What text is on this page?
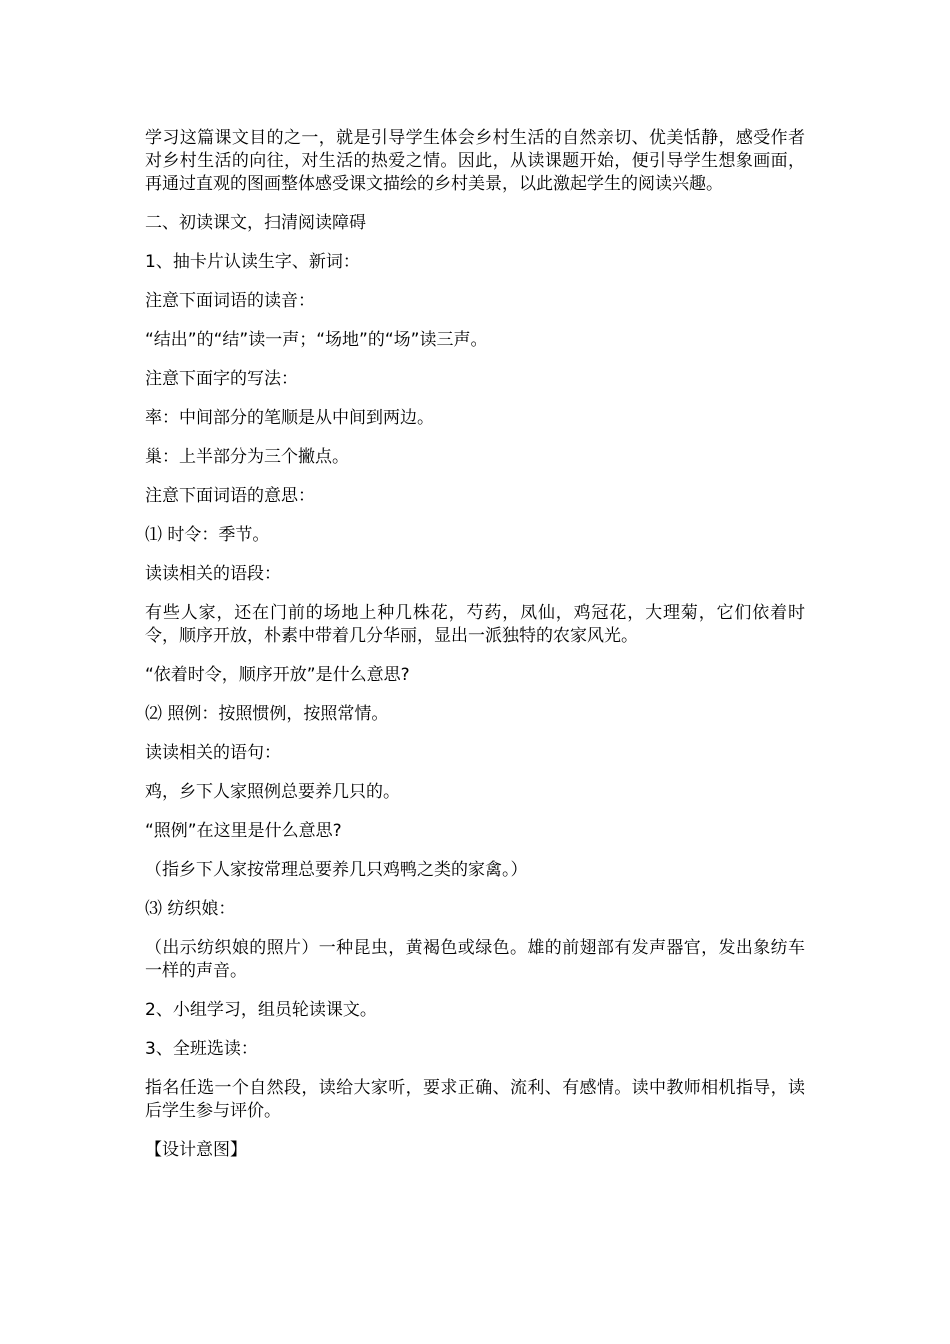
学习这篇课文目的之一，就是引导学生体会乡村生活的自然亲切、优美恬静，感受作者对乡村生活的向往，对生活的热爱之情。因此，从读课题开始，便引导学生想象画面，再通过直观的图画整体感受课文描绘的乡村美景，以此激起学生的阅读兴趣。

二、初读课文，扫清阅读障碍

1、抽卡片认读生字、新词：

注意下面词语的读音：

“结出”的“结”读一声；“场地”的“场”读三声。

注意下面字的写法：

率：中间部分的笔顺是从中间到两边。

巢：上半部分为三个撇点。

注意下面词语的意思：

⑴ 时令：季节。

读读相关的语段：

有些人家，还在门前的场地上种几株花，芍药，凤仙，鸡冠花，大理菊，它们依着时令，顺序开放，朴素中带着几分华丽，显出一派独特的农家风光。

“依着时令，顺序开放”是什么意思?

⑵ 照例：按照惯例，按照常情。

读读相关的语句：

鸡，乡下人家照例总要养几只的。

“照例”在这里是什么意思?

（指乡下人家按常理总要养几只鸡鸭之类的家禽。）

⑶ 纺织娘：

（出示纺织娘的照片）一种昆虫，黄褐色或绿色。雄的前翅部有发声器官，发出象纺车一样的声音。

2、小组学习，组员轮读课文。

3、全班选读：

指名任选一个自然段，读给大家听，要求正确、流利、有感情。读中教师相机指导，读后学生参与评价。

【设计意图】
